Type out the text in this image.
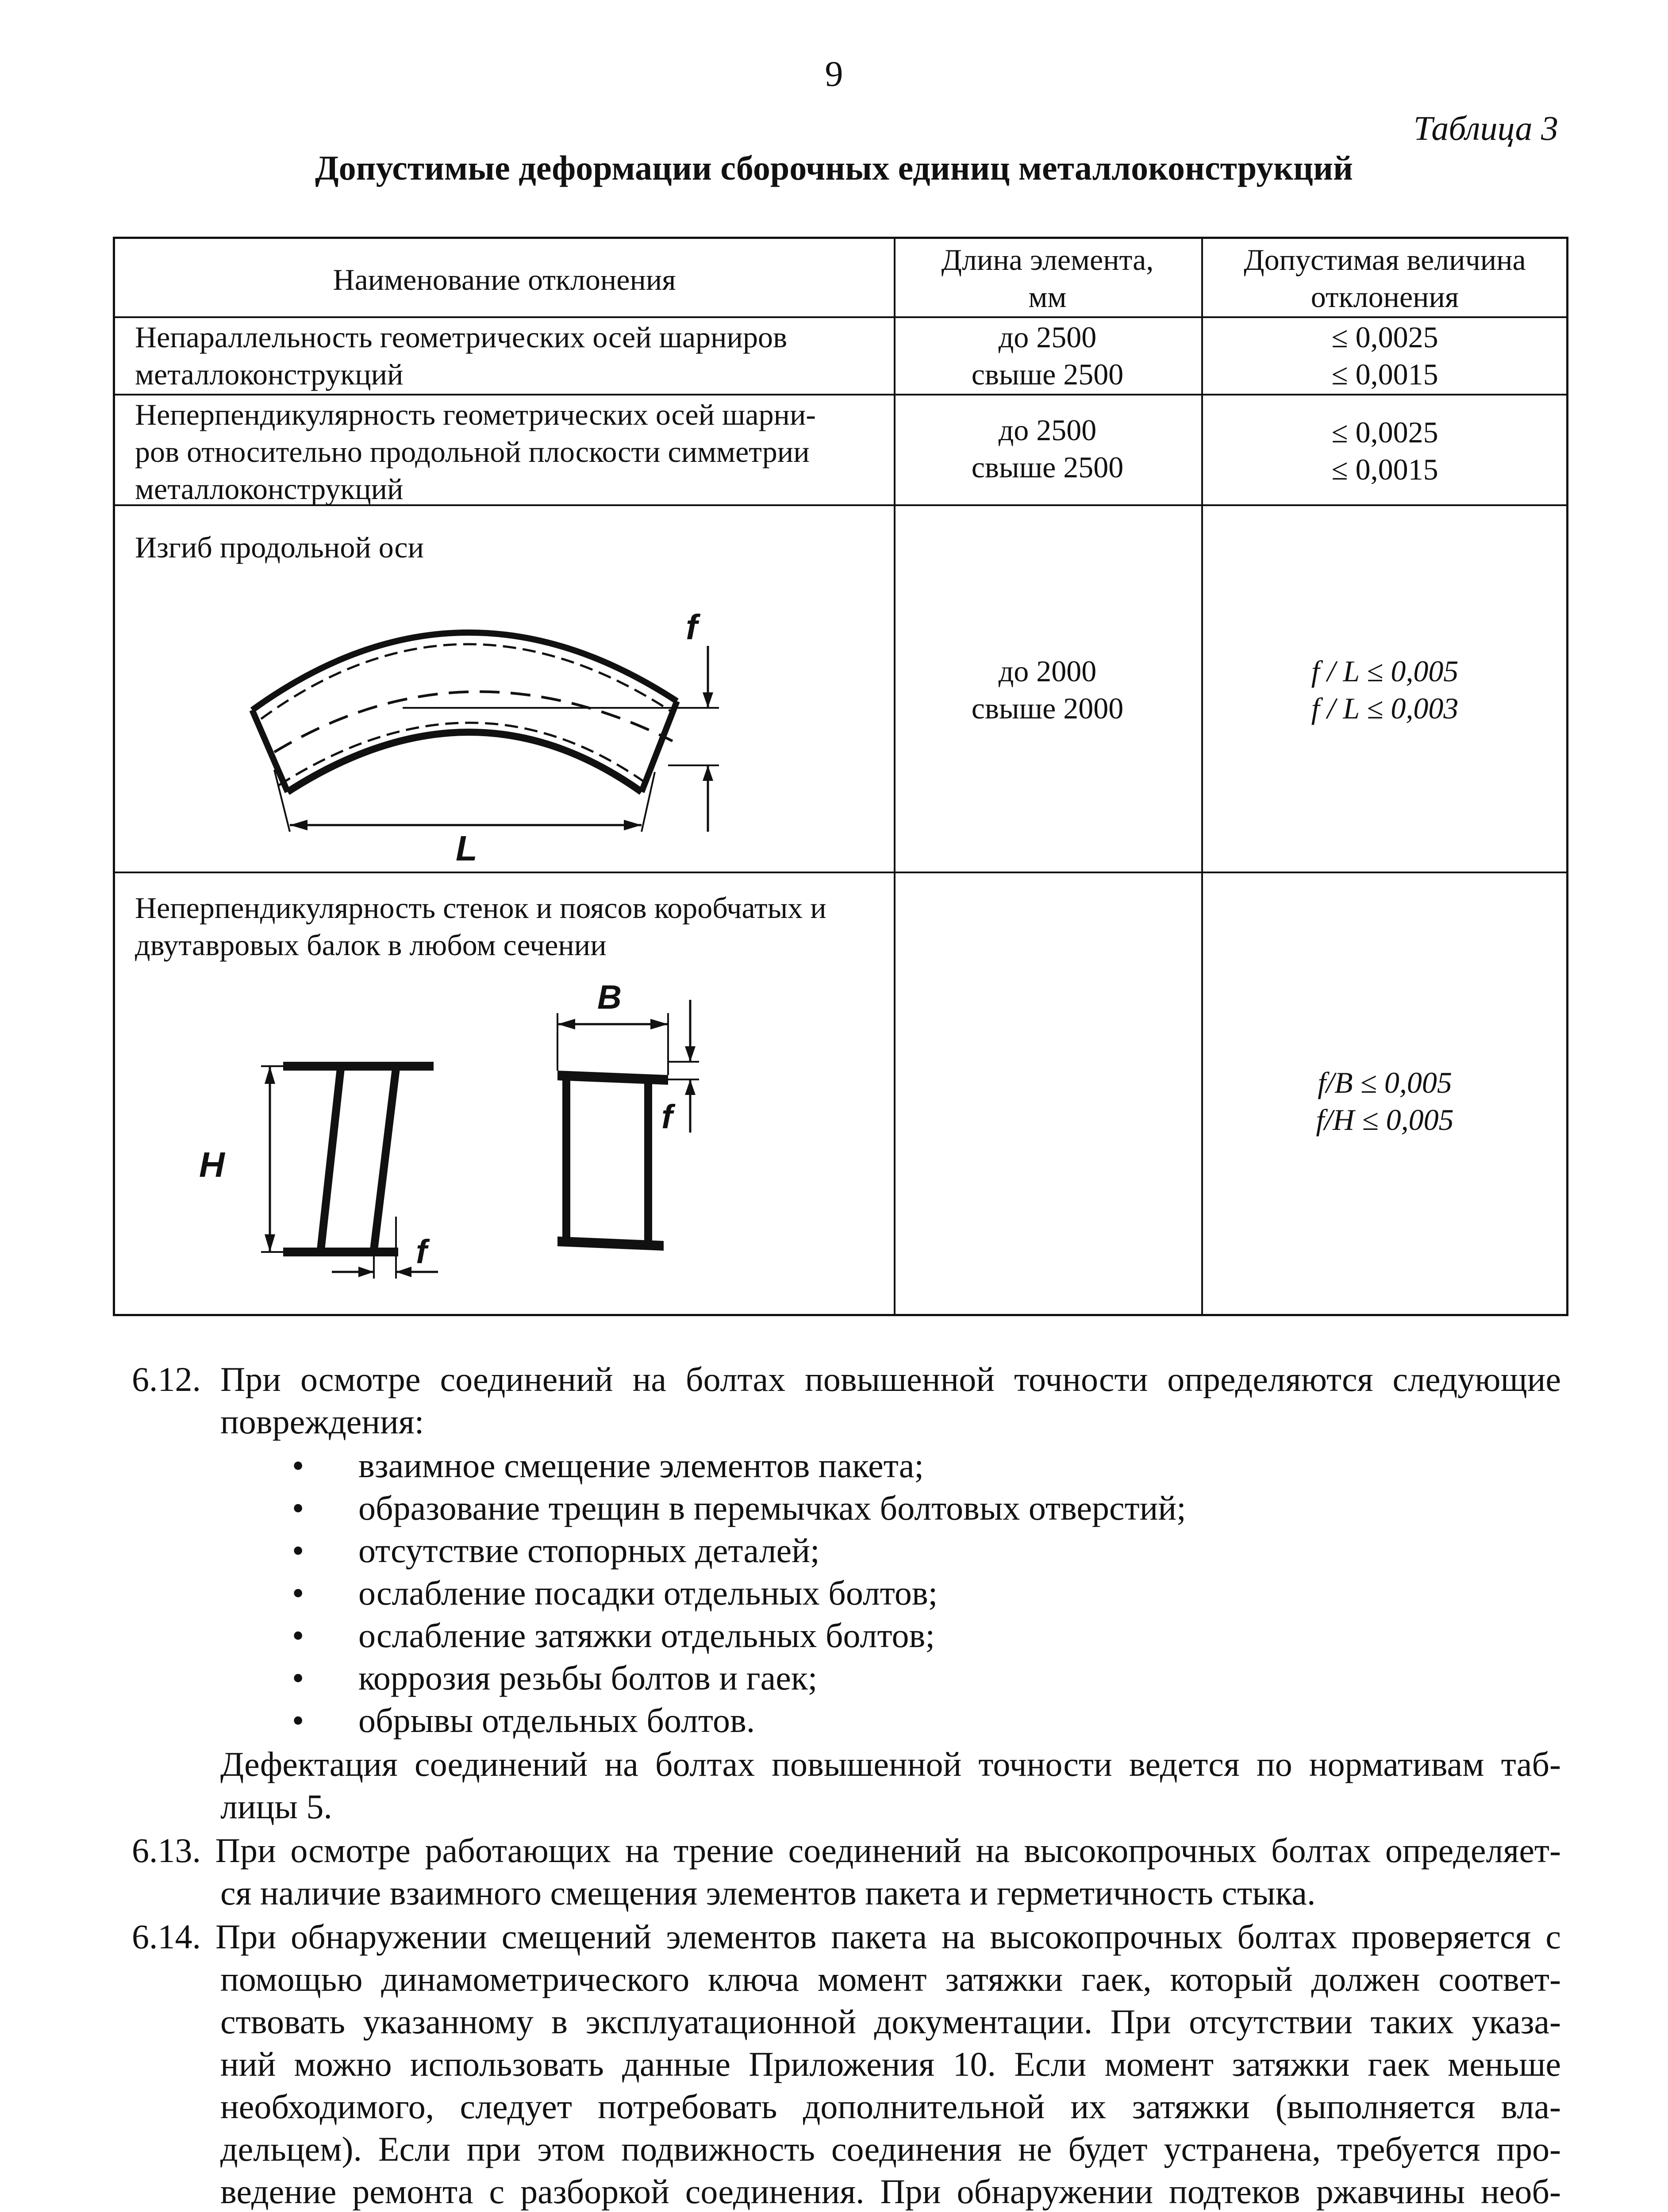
9
Таблица 3
Допустимые деформации сборочных единиц металлоконструкций
Наименование отклонения
Длина элемента,
мм
Допустимая величина
отклонения
Непараллельность геометрических осей шарниров
металлоконструкций
до 2500
свыше 2500
≤ 0,0025
≤ 0,0015
Неперпендикулярность геометрических осей шарни-
ров относительно продольной плоскости симметрии
металлоконструкций
до 2500
свыше 2500
≤ 0,0025
≤ 0,0015
Изгиб продольной оси
f
L
до 2000
свыше 2000
f / L ≤ 0,005
f / L ≤ 0,003
Неперпендикулярность стенок и поясов коробчатых и
двутавровых балок в любом сечении
H
f
B
f
f/B ≤ 0,005
f/H ≤ 0,005
6.12. При осмотре соединений на болтах повышенной точности определяются следующие
повреждения:
• взаимное смещение элементов пакета;
• образование трещин в перемычках болтовых отверстий;
• отсутствие стопорных деталей;
• ослабление посадки отдельных болтов;
• ослабление затяжки отдельных болтов;
• коррозия резьбы болтов и гаек;
• обрывы отдельных болтов.
Дефектация соединений на болтах повышенной точности ведется по нормативам таб-
лицы 5.
6.13. При осмотре работающих на трение соединений на высокопрочных болтах определяет-
ся наличие взаимного смещения элементов пакета и герметичность стыка.
6.14. При обнаружении смещений элементов пакета на высокопрочных болтах проверяется с
помощью динамометрического ключа момент затяжки гаек, который должен соответ-
ствовать указанному в эксплуатационной документации. При отсутствии таких указа-
ний можно использовать данные Приложения 10. Если момент затяжки гаек меньше
необходимого, следует потребовать дополнительной их затяжки (выполняется вла-
дельцем). Если при этом подвижность соединения не будет устранена, требуется про-
ведение ремонта с разборкой соединения. При обнаружении подтеков ржавчины необ-
